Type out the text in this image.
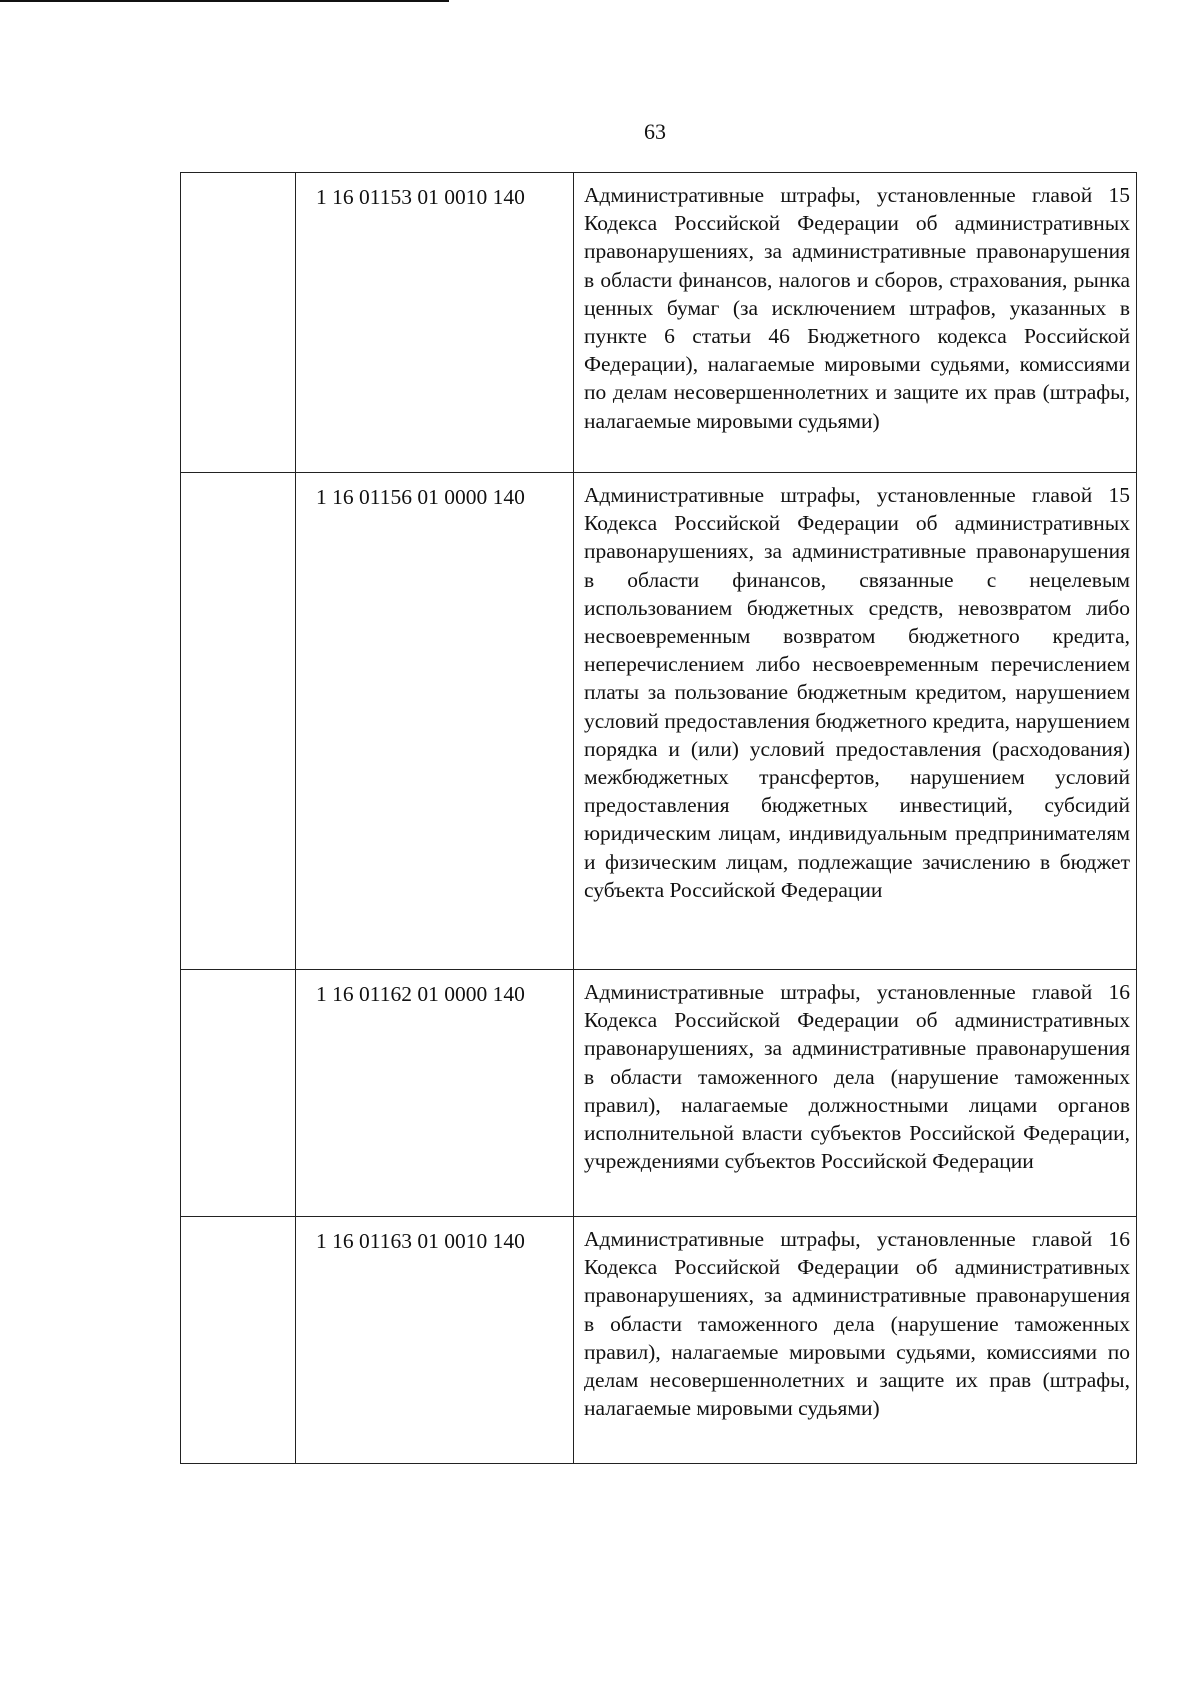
63
	1 16 01153 01 0010 140	Административные штрафы, установленные главой 15 Кодекса Российской Федерации об административных правонарушениях, за административные правонарушения в области финансов, налогов и сборов, страхования, рынка ценных бумаг (за исключением штрафов, указанных в пункте 6 статьи 46 Бюджетного кодекса Российской Федерации), налагаемые мировыми судьями, комиссиями по делам несовершеннолетних и защите их прав (штрафы, налагаемые мировыми судьями)
	1 16 01156 01 0000 140	Административные штрафы, установленные главой 15 Кодекса Российской Федерации об административных правонарушениях, за административные правонарушения в области финансов, связанные с нецелевым использованием бюджетных средств, невозвратом либо несвоевременным возвратом бюджетного кредита, неперечислением либо несвоевременным перечислением платы за пользование бюджетным кредитом, нарушением условий предоставления бюджетного кредита, нарушением порядка и (или) условий предоставления (расходования) межбюджетных трансфертов, нарушением условий предоставления бюджетных инвестиций, субсидий юридическим лицам, индивидуальным предпринимателям и физическим лицам, подлежащие зачислению в бюджет субъекта Российской Федерации
	1 16 01162 01 0000 140	Административные штрафы, установленные главой 16 Кодекса Российской Федерации об административных правонарушениях, за административные правонарушения в области таможенного дела (нарушение таможенных правил), налагаемые должностными лицами органов исполнительной власти субъектов Российской Федерации, учреждениями субъектов Российской Федерации
	1 16 01163 01 0010 140	Административные штрафы, установленные главой 16 Кодекса Российской Федерации об административных правонарушениях, за административные правонарушения в области таможенного дела (нарушение таможенных правил), налагаемые мировыми судьями, комиссиями по делам несовершеннолетних и защите их прав (штрафы, налагаемые мировыми судьями)
